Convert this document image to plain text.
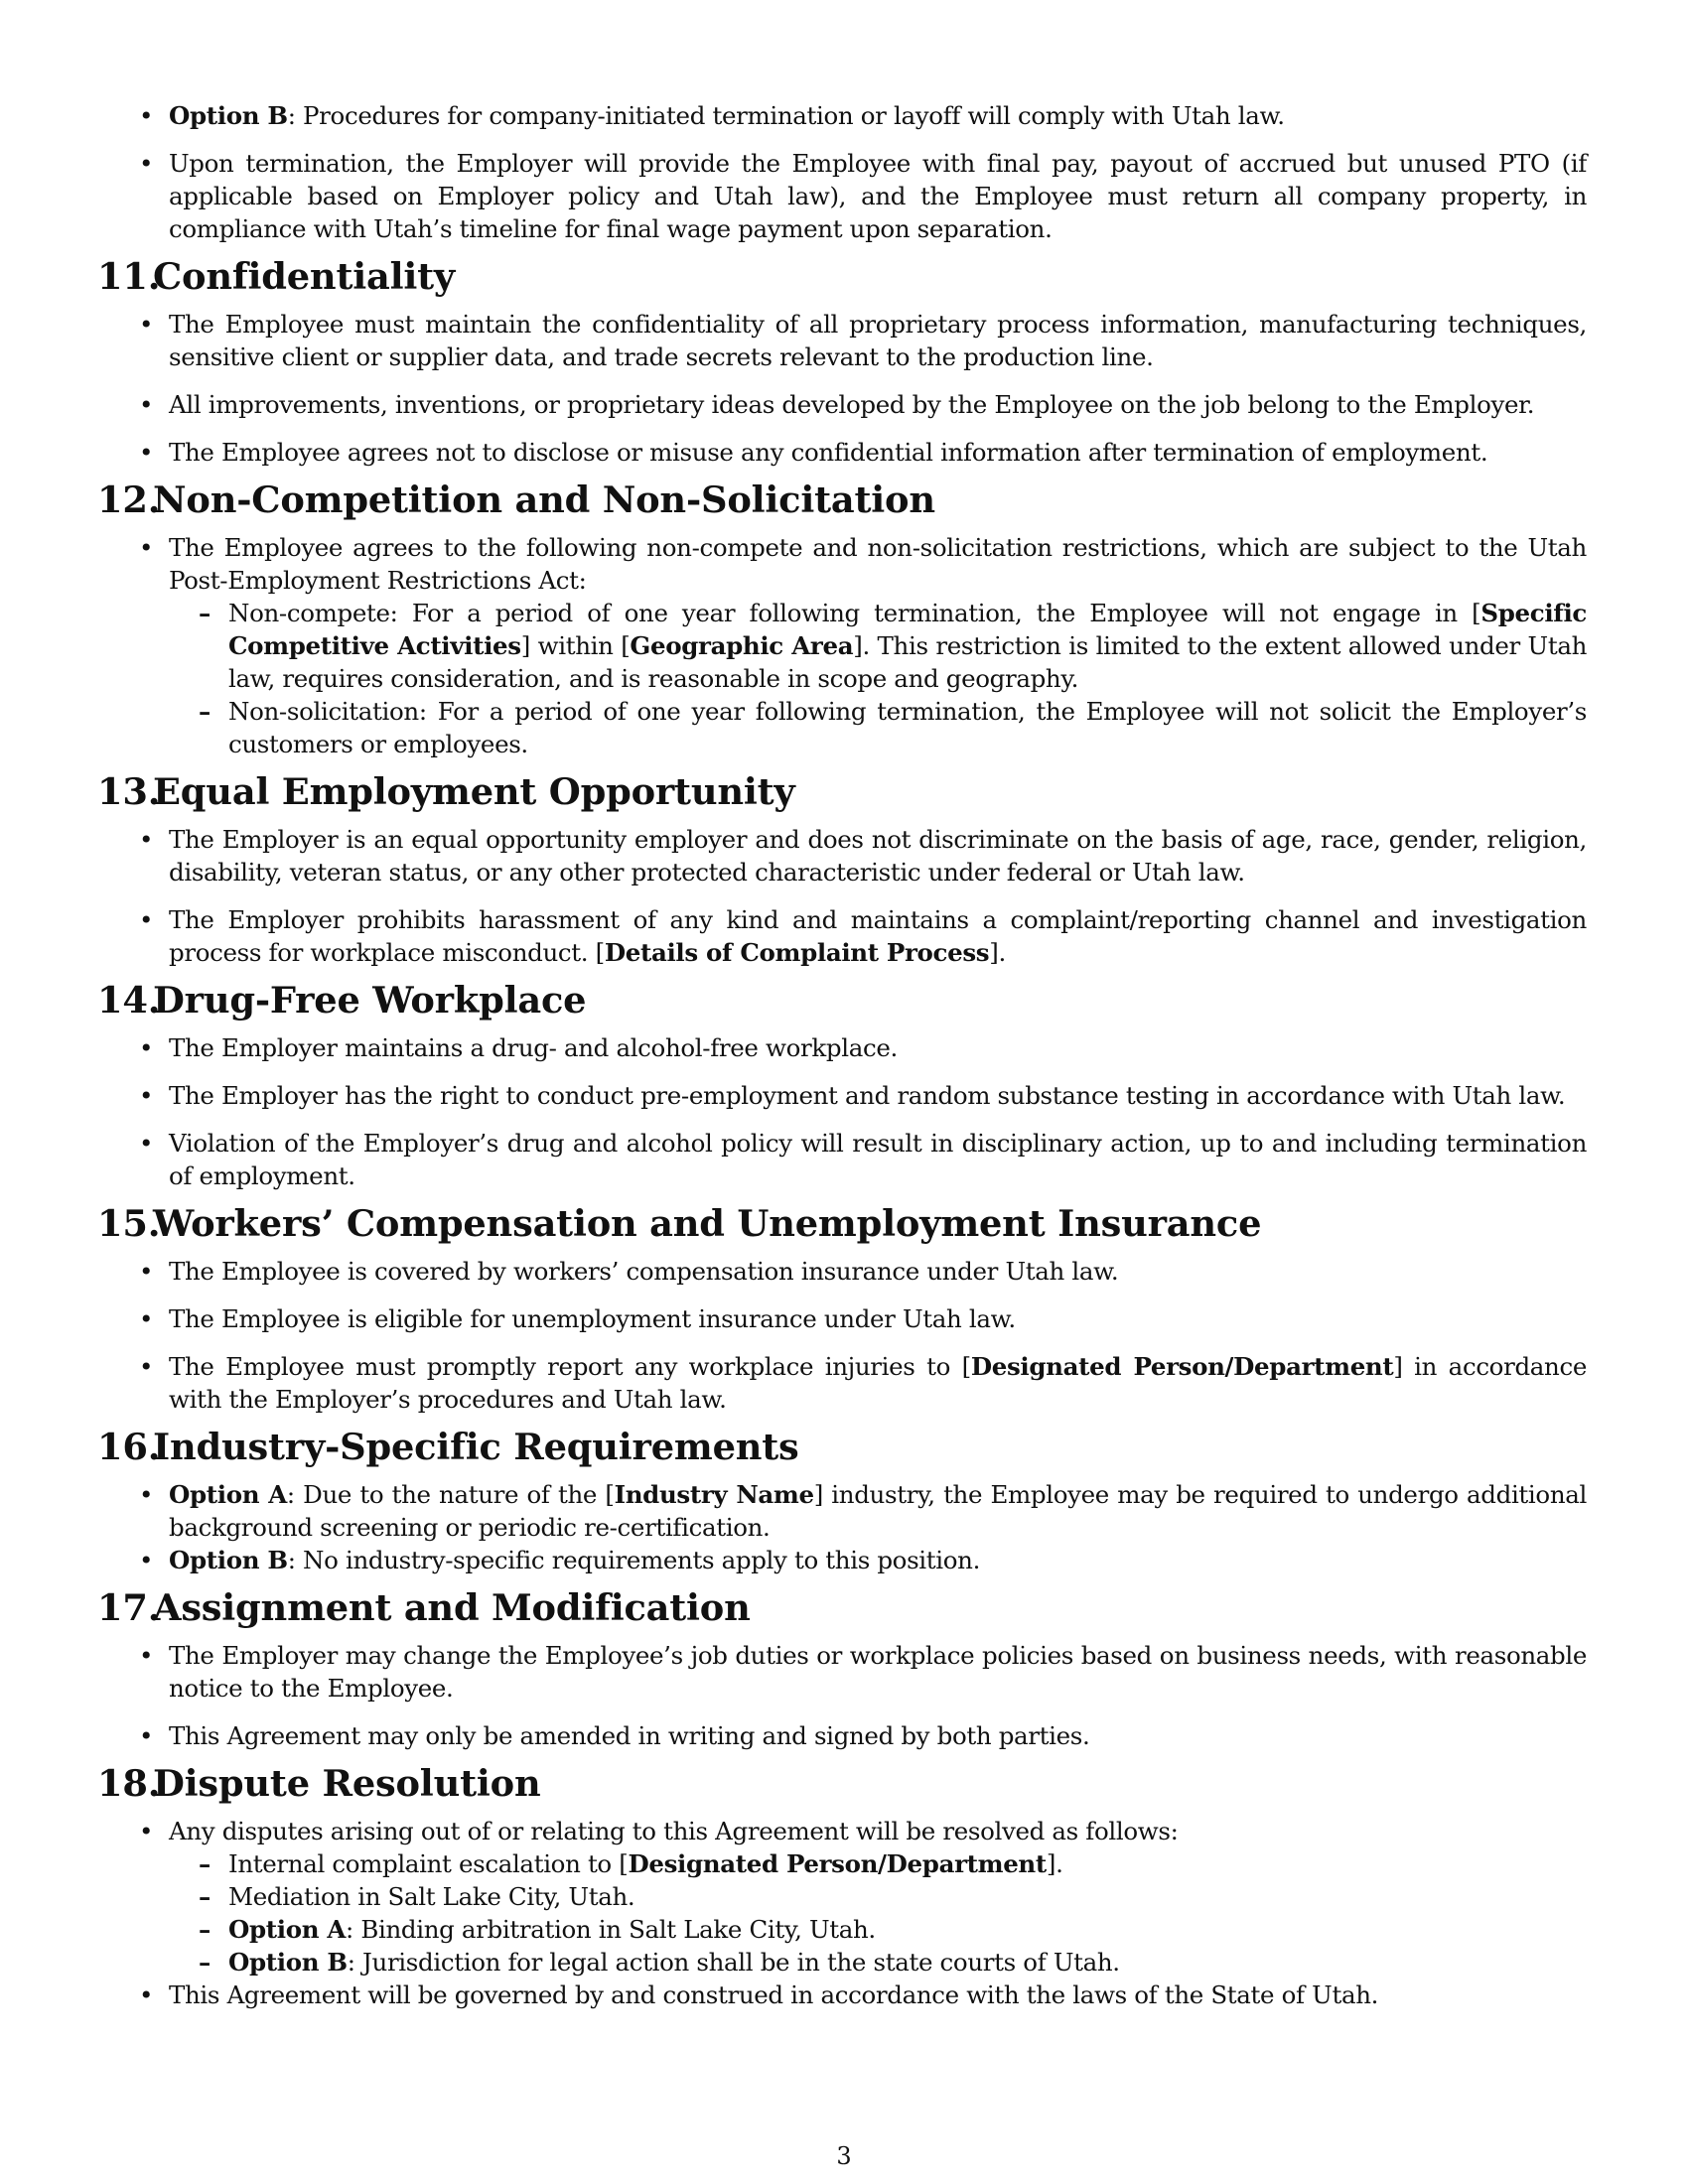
• Option B: Procedures for company-initiated termination or layoff will comply with Utah law.
• Upon termination, the Employer will provide the Employee with final pay, payout of accrued but unused PTO (if applicable based on Employer policy and Utah law), and the Employee must return all company property, in compliance with Utah’s timeline for final wage payment upon separation.
11.Confidentiality
• The Employee must maintain the confidentiality of all proprietary process information, manufacturing techniques, sensitive client or supplier data, and trade secrets relevant to the production line.
• All improvements, inventions, or proprietary ideas developed by the Employee on the job belong to the Employer.
• The Employee agrees not to disclose or misuse any confidential information after termination of employment.
12.Non-Competition and Non-Solicitation
• The Employee agrees to the following non-compete and non-solicitation restrictions, which are subject to the Utah Post-Employment Restrictions Act:
– Non-compete: For a period of one year following termination, the Employee will not engage in [Specific Competitive Activities] within [Geographic Area]. This restriction is limited to the extent allowed under Utah law, requires consideration, and is reasonable in scope and geography.
– Non-solicitation: For a period of one year following termination, the Employee will not solicit the Employer’s customers or employees.
13.Equal Employment Opportunity
• The Employer is an equal opportunity employer and does not discriminate on the basis of age, race, gender, religion, disability, veteran status, or any other protected characteristic under federal or Utah law.
• The Employer prohibits harassment of any kind and maintains a complaint/reporting channel and investigation process for workplace misconduct. [Details of Complaint Process].
14.Drug-Free Workplace
• The Employer maintains a drug- and alcohol-free workplace.
• The Employer has the right to conduct pre-employment and random substance testing in accordance with Utah law.
• Violation of the Employer’s drug and alcohol policy will result in disciplinary action, up to and including termination of employment.
15.Workers’ Compensation and Unemployment Insurance
• The Employee is covered by workers’ compensation insurance under Utah law.
• The Employee is eligible for unemployment insurance under Utah law.
• The Employee must promptly report any workplace injuries to [Designated Person/Department] in accordance with the Employer’s procedures and Utah law.
16.Industry-Specific Requirements
• Option A: Due to the nature of the [Industry Name] industry, the Employee may be required to undergo additional background screening or periodic re-certification.
• Option B: No industry-specific requirements apply to this position.
17.Assignment and Modification
• The Employer may change the Employee’s job duties or workplace policies based on business needs, with reasonable notice to the Employee.
• This Agreement may only be amended in writing and signed by both parties.
18.Dispute Resolution
• Any disputes arising out of or relating to this Agreement will be resolved as follows:
– Internal complaint escalation to [Designated Person/Department].
– Mediation in Salt Lake City, Utah.
– Option A: Binding arbitration in Salt Lake City, Utah.
– Option B: Jurisdiction for legal action shall be in the state courts of Utah.
• This Agreement will be governed by and construed in accordance with the laws of the State of Utah.
3
